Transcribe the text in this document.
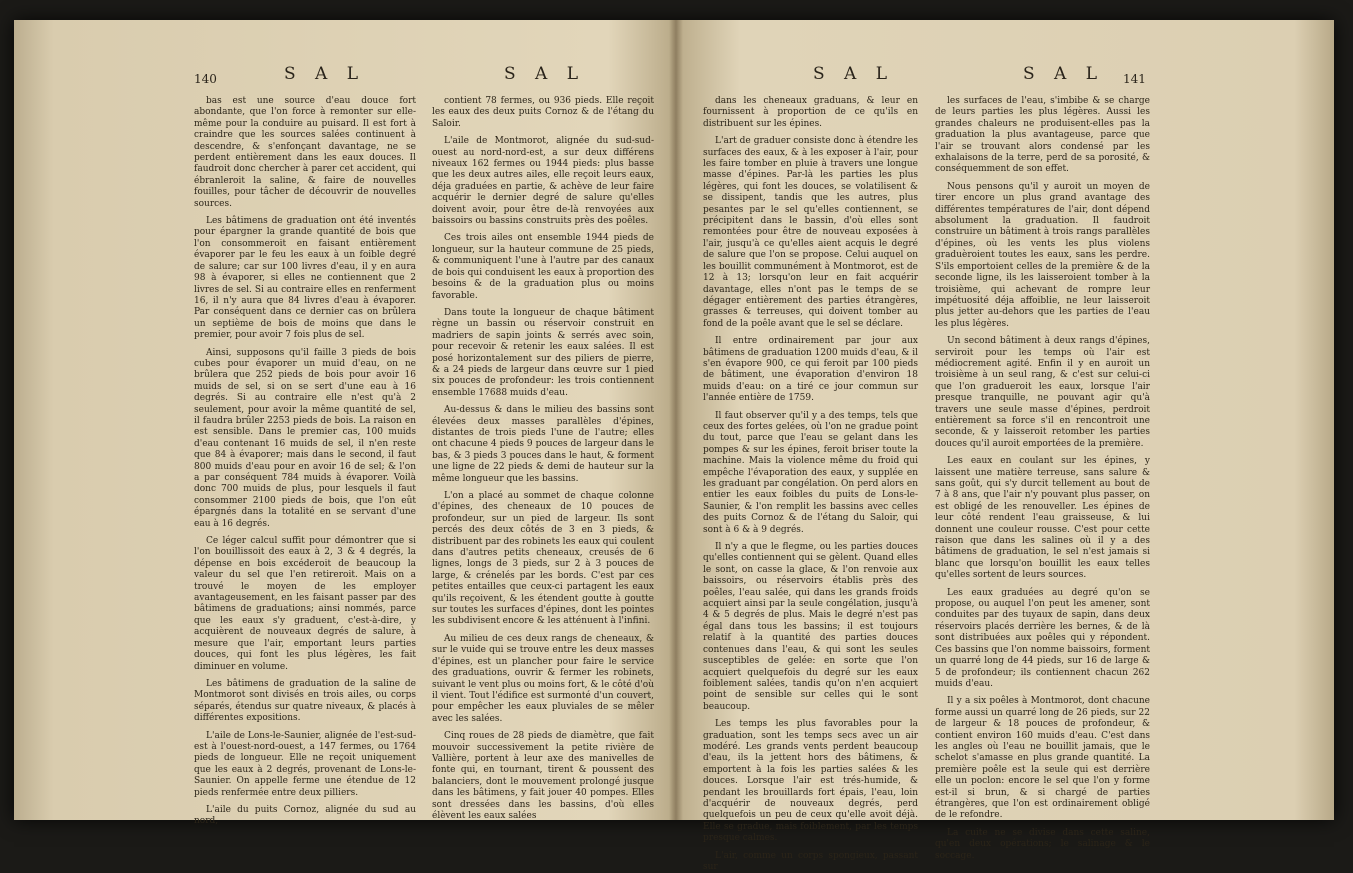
140	S A L	S A L

bas est une source d'eau douce fort abondante, que l'on force à remonter sur elle-même pour la conduire au puisard. Il est fort à craindre que les sources salées continuent à descendre, & s'enfonçant davantage, ne se perdent entièrement dans les eaux douces. Il faudroit donc chercher à parer cet accident, qui ébranleroit la saline, & faire de nouvelles fouilles, pour tâcher de découvrir de nouvelles sources.

Les bâtimens de graduation ont été inventés pour épargner la grande quantité de bois que l'on consommeroit en faisant entièrement évaporer par le feu les eaux à un foible degré de salure; car sur 100 livres d'eau, il y en aura 98 à évaporer, si elles ne contiennent que 2 livres de sel. Si au contraire elles en renferment 16, il n'y aura que 84 livres d'eau à évaporer. Par conséquent dans ce dernier cas on brûlera un septième de bois de moins que dans le premier, pour avoir 7 fois plus de sel.

Ainsi, supposons qu'il faille 3 pieds de bois cubes pour évaporer un muid d'eau, on ne brûlera que 252 pieds de bois pour avoir 16 muids de sel, si on se sert d'une eau à 16 degrés. Si au contraire elle n'est qu'à 2 seulement, pour avoir la même quantité de sel, il faudra brûler 2253 pieds de bois. La raison en est sensible. Dans le premier cas, 100 muids d'eau contenant 16 muids de sel, il n'en reste que 84 à évaporer; mais dans le second, il faut 800 muids d'eau pour en avoir 16 de sel; & l'on a par conséquent 784 muids à évaporer. Voilà donc 700 muids de plus, pour lesquels il faut consommer 2100 pieds de bois, que l'on eût épargnés dans la totalité en se servant d'une eau à 16 degrés.

Ce léger calcul suffit pour démontrer que si l'on bouillissoit des eaux à 2, 3 & 4 degrés, la dépense en bois excéderoit de beaucoup la valeur du sel que l'en retireroit. Mais on a trouvé le moyen de les employer avantageusement, en les faisant passer par des bâtimens de graduations; ainsi nommés, parce que les eaux s'y graduent, c'est-à-dire, y acquièrent de nouveaux degrés de salure, à mesure que l'air, emportant leurs parties douces, qui font les plus légères, les fait diminuer en volume.

Les bâtimens de graduation de la saline de Montmorot sont divisés en trois ailes, ou corps séparés, étendus sur quatre niveaux, & placés à différentes expositions.

L'aile de Lons-le-Saunier, alignée de l'est-sud-est à l'ouest-nord-ouest, a 147 fermes, ou 1764 pieds de longueur. Elle ne reçoit uniquement que les eaux à 2 degrés, provenant de Lons-le-Saunier. On appelle ferme une étendue de 12 pieds renfermée entre deux pilliers.

L'aile du puits Cornoz, alignée du sud au nord,

contient 78 fermes, ou 936 pieds. Elle reçoit les eaux des deux puits Cornoz & de l'étang du Saloir.

L'aile de Montmorot, alignée du sud-sud-ouest au nord-nord-est, a sur deux différens niveaux 162 fermes ou 1944 pieds: plus basse que les deux autres ailes, elle reçoit leurs eaux, déja graduées en partie, & achève de leur faire acquérir le dernier degré de salure qu'elles doivent avoir, pour être de-là renvoyées aux baissoirs ou bassins construits près des poêles.

Ces trois ailes ont ensemble 1944 pieds de longueur, sur la hauteur commune de 25 pieds, & communiquent l'une à l'autre par des canaux de bois qui conduisent les eaux à proportion des besoins & de la graduation plus ou moins favorable.

Dans toute la longueur de chaque bâtiment règne un bassin ou réservoir construit en madriers de sapin joints & serrés avec soin, pour recevoir & retenir les eaux salées. Il est posé horizontalement sur des piliers de pierre, & a 24 pieds de largeur dans œuvre sur 1 pied six pouces de profondeur: les trois contiennent ensemble 17688 muids d'eau.

Au-dessus & dans le milieu des bassins sont élevées deux masses parallèles d'épines, distantes de trois pieds l'une de l'autre; elles ont chacune 4 pieds 9 pouces de largeur dans le bas, & 3 pieds 3 pouces dans le haut, & forment une ligne de 22 pieds & demi de hauteur sur la même longueur que les bassins.

L'on a placé au sommet de chaque colonne d'épines, des cheneaux de 10 pouces de profondeur, sur un pied de largeur. Ils sont percés des deux côtés de 3 en 3 pieds, & distribuent par des robinets les eaux qui coulent dans d'autres petits cheneaux, creusés de 6 lignes, longs de 3 pieds, sur 2 à 3 pouces de large, & crénelés par les bords. C'est par ces petites entailles que ceux-ci partagent les eaux qu'ils reçoivent, & les étendent goutte à goutte sur toutes les surfaces d'épines, dont les pointes les subdivisent encore & les atténuent à l'infini.

Au milieu de ces deux rangs de cheneaux, & sur le vuide qui se trouve entre les deux masses d'épines, est un plancher pour faire le service des graduations, ouvrir & fermer les robinets, suivant le vent plus ou moins fort, & le côté d'où il vient. Tout l'édifice est surmonté d'un couvert, pour empêcher les eaux pluviales de se mêler avec les salées.

Cinq roues de 28 pieds de diamètre, que fait mouvoir successivement la petite rivière de Vallière, portent à leur axe des manivelles de fonte qui, en tournant, tirent & poussent des balanciers, dont le mouvement prolongé jusque dans les bâtimens, y fait jouer 40 pompes. Elles sont dressées dans les bassins, d'où elles élèvent les eaux salées

S A L	S A L 141

dans les cheneaux graduans, & leur en fournissent à proportion de ce qu'ils en distribuent sur les épines.

L'art de graduer consiste donc à étendre les surfaces des eaux, & à les exposer à l'air, pour les faire tomber en pluie à travers une longue masse d'épines. Par-là les parties les plus légères, qui font les douces, se volatilisent & se dissipent, tandis que les autres, plus pesantes par le sel qu'elles contiennent, se précipitent dans le bassin, d'où elles sont remontées pour être de nouveau exposées à l'air, jusqu'à ce qu'elles aient acquis le degré de salure que l'on se propose. Celui auquel on les bouillit communément à Montmorot, est de 12 à 13; lorsqu'on leur en fait acquérir davantage, elles n'ont pas le temps de se dégager entièrement des parties étrangères, grasses & terreuses, qui doivent tomber au fond de la poêle avant que le sel se déclare.

Il entre ordinairement par jour aux bâtimens de graduation 1200 muids d'eau, & il s'en évapore 900, ce qui feroit par 100 pieds de bâtiment, une évaporation d'environ 18 muids d'eau: on a tiré ce jour commun sur l'année entière de 1759.

Il faut observer qu'il y a des temps, tels que ceux des fortes gelées, où l'on ne gradue point du tout, parce que l'eau se gelant dans les pompes & sur les épines, feroit briser toute la machine. Mais la violence même du froid qui empêche l'évaporation des eaux, y supplée en les graduant par congélation. On perd alors en entier les eaux foibles du puits de Lons-le-Saunier, & l'on remplit les bassins avec celles des puits Cornoz & de l'étang du Saloir, qui sont à 6 & à 9 degrés.

Il n'y a que le flegme, ou les parties douces qu'elles contiennent qui se gèlent. Quand elles le sont, on casse la glace, & l'on renvoie aux baissoirs, ou réservoirs établis près des poêles, l'eau salée, qui dans les grands froids acquiert ainsi par la seule congélation, jusqu'à 4 & 5 degrés de plus. Mais le degré n'est pas égal dans tous les bassins; il est toujours relatif à la quantité des parties douces contenues dans l'eau, & qui sont les seules susceptibles de gelée: en sorte que l'on acquiert quelquefois du degré sur les eaux foiblement salées, tandis qu'on n'en acquiert point de sensible sur celles qui le sont beaucoup.

Les temps les plus favorables pour la graduation, sont les temps secs avec un air modéré. Les grands vents perdent beaucoup d'eau, ils la jettent hors des bâtimens, & emportent à la fois les parties salées & les douces. Lorsque l'air est trés-humide, & pendant les brouillards fort épais, l'eau, loin d'acquérir de nouveaux degrés, perd quelquefois un peu de ceux qu'elle avoit déjà. Elle se gradue, mais foiblement, par les temps presque calmes.

L'air, comme un corps spongieux, passant sur

les surfaces de l'eau, s'imbibe & se charge de leurs parties les plus légères. Aussi les grandes chaleurs ne produisent-elles pas la graduation la plus avantageuse, parce que l'air se trouvant alors condensé par les exhalaisons de la terre, perd de sa porosité, & conséquemment de son effet.

Nous pensons qu'il y auroit un moyen de tirer encore un plus grand avantage des différentes températures de l'air, dont dépend absolument la graduation. Il faudroit construire un bâtiment à trois rangs parallèles d'épines, où les vents les plus violens graduèroient toutes les eaux, sans les perdre. S'ils emportoient celles de la première & de la seconde ligne, ils les laisseroient tomber à la troisième, qui achevant de rompre leur impétuosité déja affoiblie, ne leur laisseroit plus jetter au-dehors que les parties de l'eau les plus légères.

Un second bâtiment à deux rangs d'épines, serviroit pour les temps où l'air est médiocrement agité. Enfin il y en auroit un troisième à un seul rang, & c'est sur celui-ci que l'on gradueroit les eaux, lorsque l'air presque tranquille, ne pouvant agir qu'à travers une seule masse d'épines, perdroit entièrement sa force s'il en rencontroit une seconde, & y laisseroit retomber les parties douces qu'il auroit emportées de la première.

Les eaux en coulant sur les épines, y laissent une matière terreuse, sans salure & sans goût, qui s'y durcit tellement au bout de 7 à 8 ans, que l'air n'y pouvant plus passer, on est obligé de les renouveller. Les épines de leur côté rendent l'eau graisseuse, & lui donnent une couleur rousse. C'est pour cette raison que dans les salines où il y a des bâtimens de graduation, le sel n'est jamais si blanc que lorsqu'on bouillit les eaux telles qu'elles sortent de leurs sources.

Les eaux graduées au degré qu'on se propose, ou auquel l'on peut les amener, sont conduites par des tuyaux de sapin, dans deux réservoirs placés derrière les bernes, & de là sont distribuées aux poêles qui y répondent. Ces bassins que l'on nomme baissoirs, forment un quarré long de 44 pieds, sur 16 de large & 5 de profondeur; ils contiennent chacun 262 muids d'eau.

Il y a six poêles à Montmorot, dont chacune forme aussi un quarré long de 26 pieds, sur 22 de largeur & 18 pouces de profondeur, & contient environ 160 muids d'eau. C'est dans les angles où l'eau ne bouillit jamais, que le schelot s'amasse en plus grande quantité. La première poêle est la seule qui est derrière elle un poclon: encore le sel que l'on y forme est-il si brun, & si chargé de parties étrangères, que l'on est ordinairement obligé de le refondre.

La cuite ne se divise dans cette saline, qu'en deux opérations; le salinage & le soccage.
